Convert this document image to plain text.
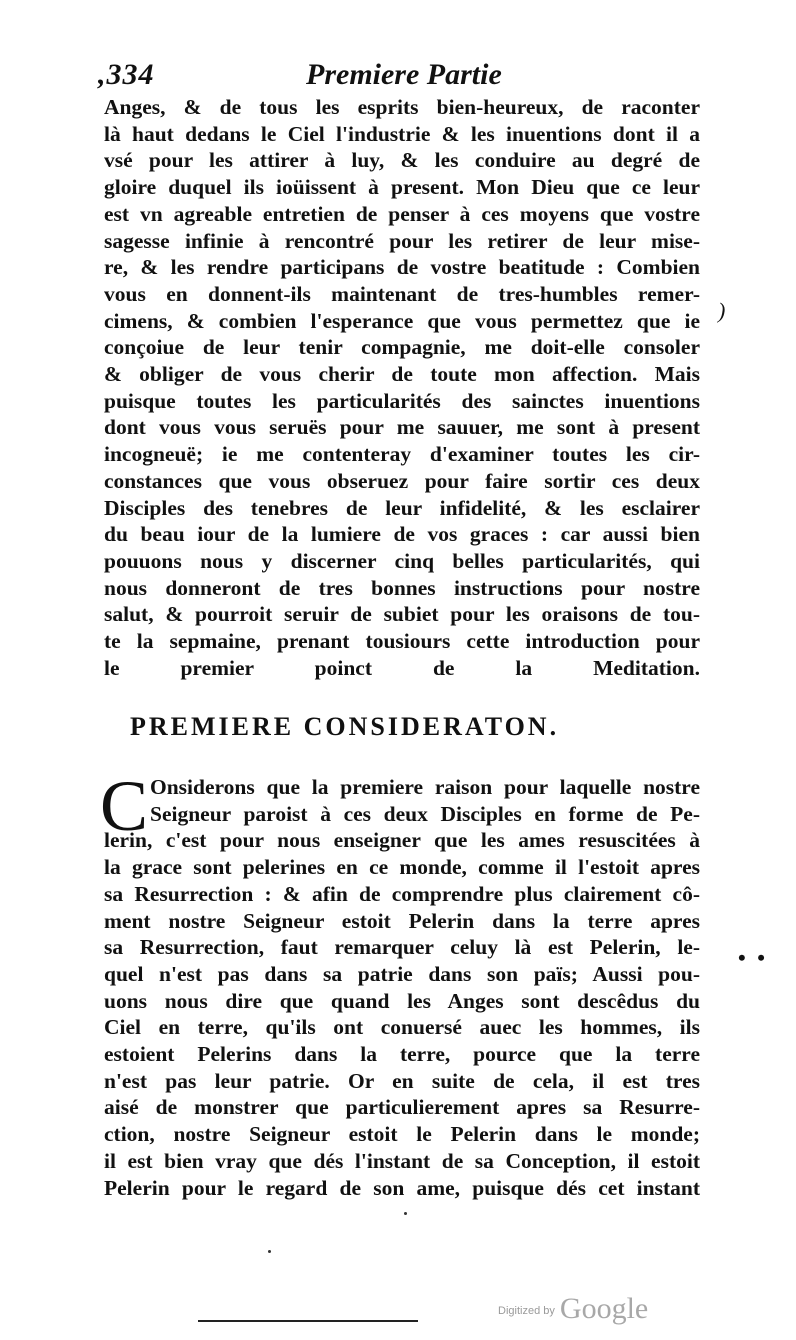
,334	Premiere Partie
Anges, & de tous les esprits bien-heureux, de raconter
là haut dedans le Ciel l'industrie & les inuentions dont il a
vsé pour les attirer à luy, & les conduire au degré de
gloire duquel ils ioüissent à present. Mon Dieu que ce leur
est vn agreable entretien de penser à ces moyens que vostre
sagesse infinie à rencontré pour les retirer de leur mise-
re, & les rendre participans de vostre beatitude : Combien
vous en donnent-ils maintenant de tres-humbles remer-
cimens, & combien l'esperance que vous permettez que ie
conçoiue de leur tenir compagnie, me doit-elle consoler
& obliger de vous cherir de toute mon affection. Mais
puisque toutes les particularités des sainctes inuentions
dont vous vous seruës pour me sauuer, me sont à present
incogneuë; ie me contenteray d'examiner toutes les cir-
constances que vous obseruez pour faire sortir ces deux
Disciples des tenebres de leur infidelité, & les esclairer
du beau iour de la lumiere de vos graces : car aussi bien
pouuons nous y discerner cinq belles particularités, qui
nous donneront de tres bonnes instructions pour nostre
salut, & pourroit seruir de subiet pour les oraisons de tou-
te la sepmaine, prenant tousiours cette introduction pour
le premier poinct de la Meditation.
)
PREMIERE CONSIDERATON.
C Onsiderons que la premiere raison pour laquelle nostre
Seigneur paroist à ces deux Disciples en forme de Pe-
lerin, c'est pour nous enseigner que les ames resuscitées à
la grace sont pelerines en ce monde, comme il l'estoit apres
sa Resurrection : & afin de comprendre plus clairement cô-
ment nostre Seigneur estoit Pelerin dans la terre apres
sa Resurrection, faut remarquer celuy là est Pelerin, le-
quel n'est pas dans sa patrie dans son païs; Aussi pou-
uons nous dire que quand les Anges sont descêdus du
Ciel en terre, qu'ils ont conuersé auec les hommes, ils
estoient Pelerins dans la terre, pource que la terre
n'est pas leur patrie. Or en suite de cela, il est tres
aisé de monstrer que particulierement apres sa Resurre-
ction, nostre Seigneur estoit le Pelerin dans le monde;
il est bien vray que dés l'instant de sa Conception, il estoit
Pelerin pour le regard de son ame, puisque dés cet instant
• •
Digitized by Google
